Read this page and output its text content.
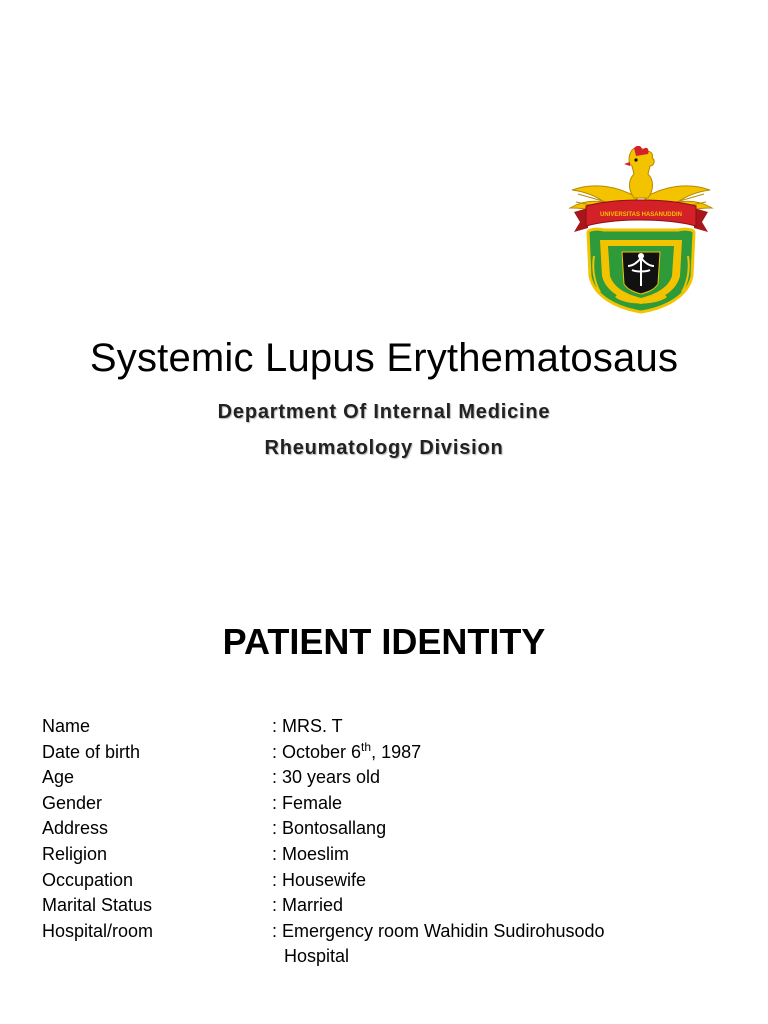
UNIVERSITAS HASANUDDIN
Systemic Lupus Erythematosaus
Department Of Internal Medicine
Rheumatology Division
PATIENT IDENTITY
Name	: MRS. T
Date of birth	: October 6th, 1987
Age	: 30 years old
Gender	: Female
Address	: Bontosallang
Religion	: Moeslim
Occupation	: Housewife
Marital Status	: Married
Hospital/room	: Emergency room Wahidin Sudirohusodo
Hospital
